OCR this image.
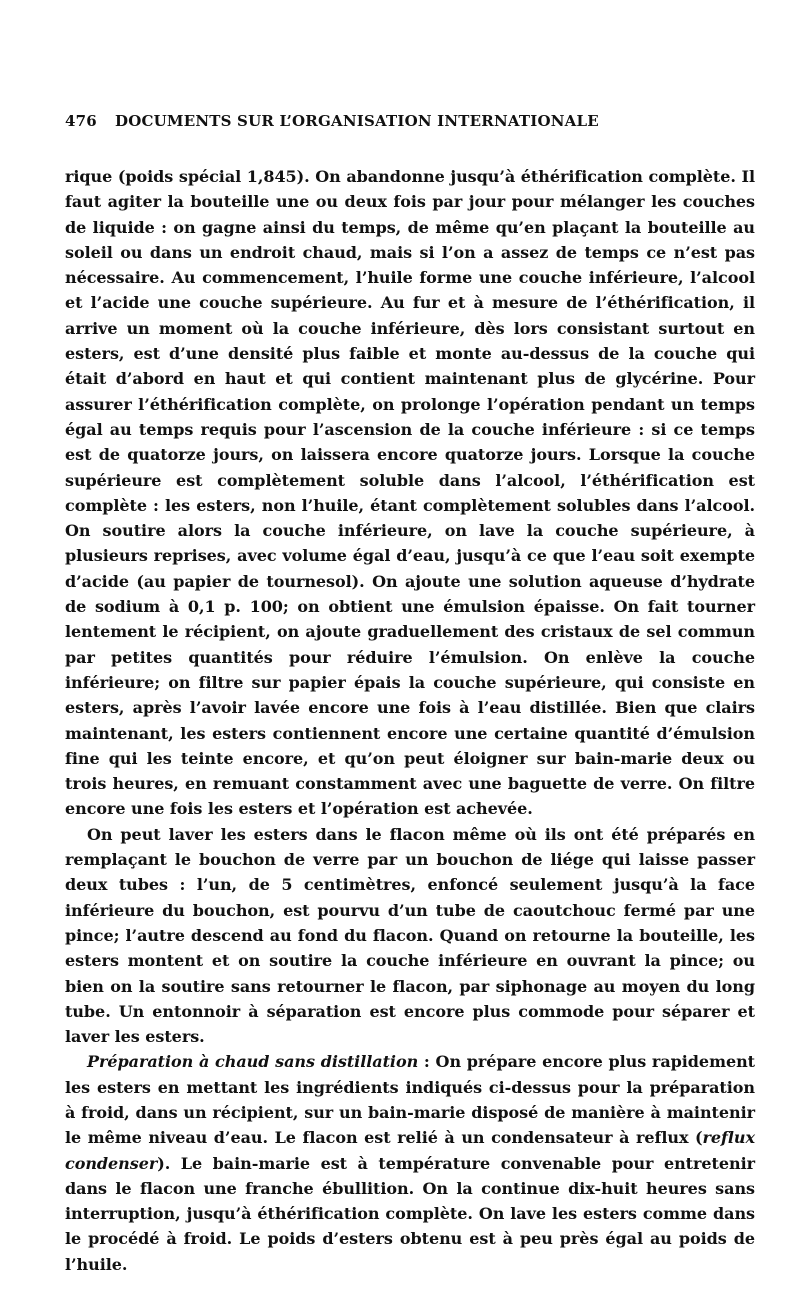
476 DOCUMENTS SUR L’ORGANISATION INTERNATIONALE

rique (poids spécial 1,845). On abandonne jusqu’à éthérification complète. Il faut agiter la bouteille une ou deux fois par jour pour mélanger les couches de liquide : on gagne ainsi du temps, de même qu’en plaçant la bouteille au soleil ou dans un endroit chaud, mais si l’on a assez de temps ce n’est pas nécessaire. Au commencement, l’huile forme une couche inférieure, l’alcool et l’acide une couche supérieure. Au fur et à mesure de l’éthérification, il arrive un moment où la couche inférieure, dès lors consistant surtout en esters, est d’une densité plus faible et monte au-dessus de la couche qui était d’abord en haut et qui contient maintenant plus de glycérine. Pour assurer l’éthérification complète, on prolonge l’opération pendant un temps égal au temps requis pour l’ascension de la couche inférieure : si ce temps est de quatorze jours, on laissera encore quatorze jours. Lorsque la couche supérieure est complètement soluble dans l’alcool, l’éthérification est complète : les esters, non l’huile, étant complètement solubles dans l’alcool. On soutire alors la couche inférieure, on lave la couche supérieure, à plusieurs reprises, avec volume égal d’eau, jusqu’à ce que l’eau soit exempte d’acide (au papier de tournesol). On ajoute une solution aqueuse d’hydrate de sodium à 0,1 p. 100; on obtient une émulsion épaisse. On fait tourner lentement le récipient, on ajoute graduellement des cristaux de sel commun par petites quantités pour réduire l’émulsion. On enlève la couche inférieure; on filtre sur papier épais la couche supérieure, qui consiste en esters, après l’avoir lavée encore une fois à l’eau distillée. Bien que clairs maintenant, les esters contiennent encore une certaine quantité d’émulsion fine qui les teinte encore, et qu’on peut éloigner sur bain-marie deux ou trois heures, en remuant constamment avec une baguette de verre. On filtre encore une fois les esters et l’opération est achevée.

On peut laver les esters dans le flacon même où ils ont été préparés en remplaçant le bouchon de verre par un bouchon de liége qui laisse passer deux tubes : l’un, de 5 centimètres, enfoncé seulement jusqu’à la face inférieure du bouchon, est pourvu d’un tube de caoutchouc fermé par une pince; l’autre descend au fond du flacon. Quand on retourne la bouteille, les esters montent et on soutire la couche inférieure en ouvrant la pince; ou bien on la soutire sans retourner le flacon, par siphonage au moyen du long tube. Un entonnoir à séparation est encore plus commode pour séparer et laver les esters.

Préparation à chaud sans distillation : On prépare encore plus rapidement les esters en mettant les ingrédients indiqués ci-dessus pour la préparation à froid, dans un récipient, sur un bain-marie disposé de manière à maintenir le même niveau d’eau. Le flacon est relié à un condensateur à reflux (reflux condenser). Le bain-marie est à température convenable pour entretenir dans le flacon une franche ébullition. On la continue dix-huit heures sans interruption, jusqu’à éthérification complète. On lave les esters comme dans le procédé à froid. Le poids d’esters obtenu est à peu près égal au poids de l’huile.
